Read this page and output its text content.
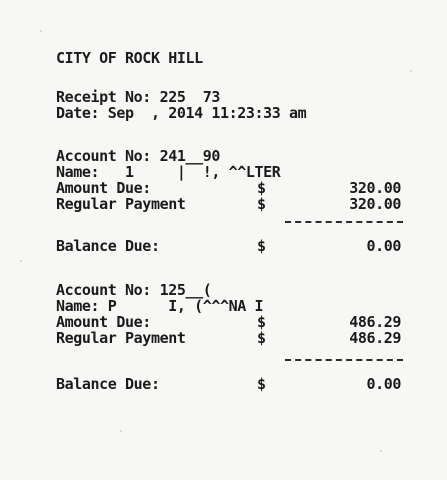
CITY OF ROCK HILL
Receipt No: 225  73
Date: Sep  , 2014 11:23:33 am
Account No: 241__90
Name:   1     |  !, ^^LTER
Amount Due:	$	320.00
Regular Payment	$	320.00
Balance Due:	$	0.00
Account No: 125__(
Name: P      I, (^^^NA I
Amount Due:	$	486.29
Regular Payment	$	486.29
Balance Due:	$	0.00
